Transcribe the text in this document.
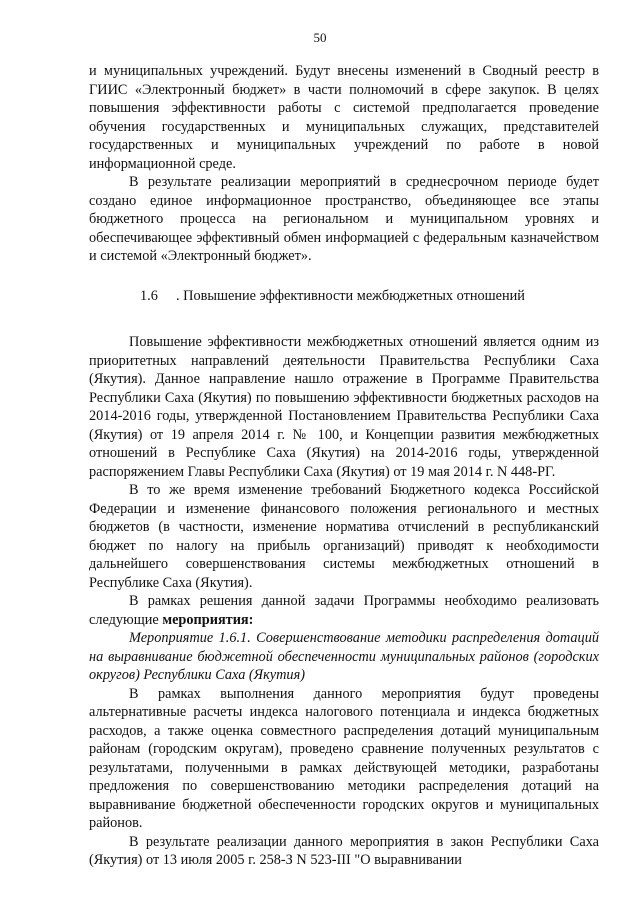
50

и муниципальных учреждений. Будут внесены изменений в Сводный реестр в ГИИС «Электронный бюджет» в части полномочий в сфере закупок. В целях повышения эффективности работы с системой предполагается проведение обучения государственных и муниципальных служащих, представителей государственных и муниципальных учреждений по работе в новой информационной среде.

В результате реализации мероприятий в среднесрочном периоде будет создано единое информационное пространство, объединяющее все этапы бюджетного процесса на региональном и муниципальном уровнях и обеспечивающее эффективный обмен информацией с федеральным казначейством и системой «Электронный бюджет».

1.6 . Повышение эффективности межбюджетных отношений

Повышение эффективности межбюджетных отношений является одним из приоритетных направлений деятельности Правительства Республики Саха (Якутия). Данное направление нашло отражение в Программе Правительства Республики Саха (Якутия) по повышению эффективности бюджетных расходов на 2014-2016 годы, утвержденной Постановлением Правительства Республики Саха (Якутия) от 19 апреля 2014 г. № 100, и Концепции развития межбюджетных отношений в Республике Саха (Якутия) на 2014-2016 годы, утвержденной распоряжением Главы Республики Саха (Якутия) от 19 мая 2014 г. N 448-РГ.

В то же время изменение требований Бюджетного кодекса Российской Федерации и изменение финансового положения регионального и местных бюджетов (в частности, изменение норматива отчислений в республиканский бюджет по налогу на прибыль организаций) приводят к необходимости дальнейшего совершенствования системы межбюджетных отношений в Республике Саха (Якутия).

В рамках решения данной задачи Программы необходимо реализовать следующие мероприятия:

Мероприятие 1.6.1. Совершенствование методики распределения дотаций на выравнивание бюджетной обеспеченности муниципальных районов (городских округов) Республики Саха (Якутия)

В рамках выполнения данного мероприятия будут проведены альтернативные расчеты индекса налогового потенциала и индекса бюджетных расходов, а также оценка совместного распределения дотаций муниципальным районам (городским округам), проведено сравнение полученных результатов с результатами, полученными в рамках действующей методики, разработаны предложения по совершенствованию методики распределения дотаций на выравнивание бюджетной обеспеченности городских округов и муниципальных районов.

В результате реализации данного мероприятия в закон Республики Саха (Якутия) от 13 июля 2005 г. 258-З N 523-III "О выравнивании
